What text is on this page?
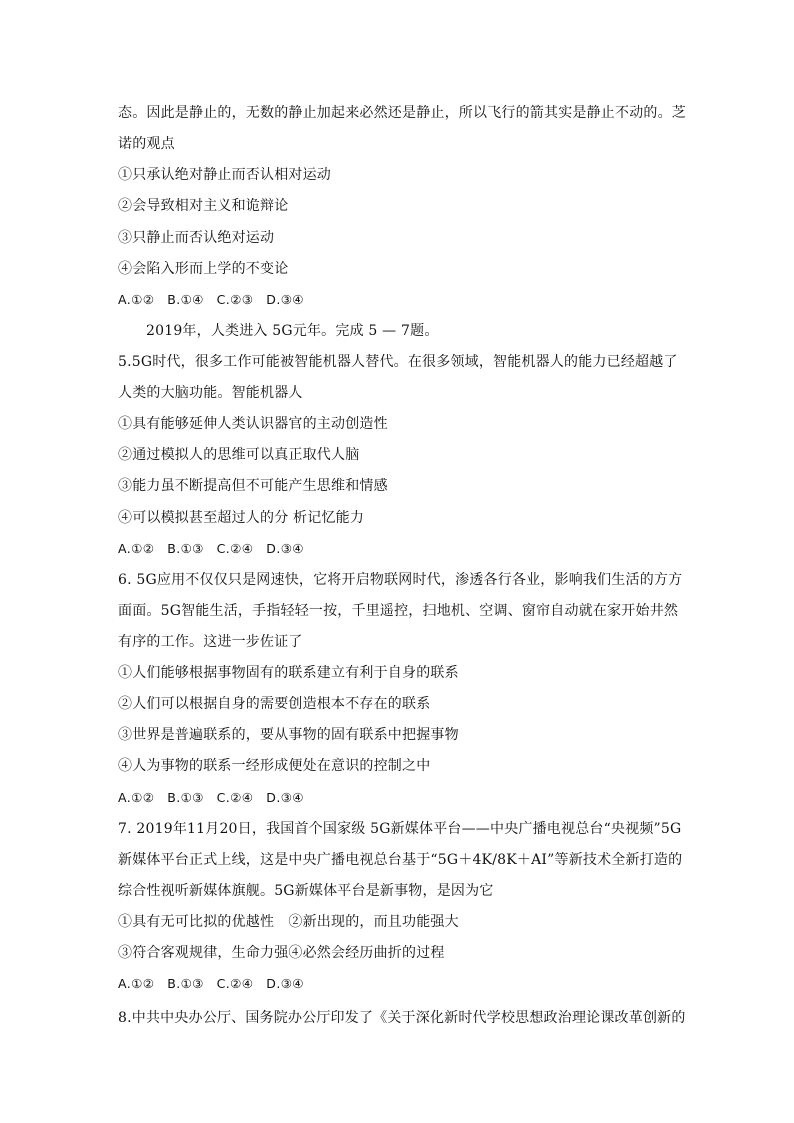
态。因此是静止的，无数的静止加起来必然还是静止，所以飞行的箭其实是静止不动的。芝
诺的观点
①只承认绝对静止而否认相对运动
②会导致相对主义和诡辩论
③只静止而否认绝对运动
④会陷入形而上学的不变论
A.①②　B.①④　C.②③　D.③④
2019年，人类进入 5G元年。完成 5 — 7题。
5.5G时代，很多工作可能被智能机器人替代。在很多领域，智能机器人的能力已经超越了
人类的大脑功能。智能机器人
①具有能够延伸人类认识器官的主动创造性
②通过模拟人的思维可以真正取代人脑
③能力虽不断提高但不可能产生思维和情感
④可以模拟甚至超过人的分 析记忆能力
A.①②　B.①③　C.②④　D.③④
6. 5G应用不仅仅只是网速快，它将开启物联网时代，渗透各行各业，影响我们生活的方方
面面。5G智能生活，手指轻轻一按，千里遥控，扫地机、空调、窗帘自动就在家开始井然
有序的工作。这进一步佐证了
①人们能够根据事物固有的联系建立有利于自身的联系
②人们可以根据自身的需要创造根本不存在的联系
③世界是普遍联系的，要从事物的固有联系中把握事物
④人为事物的联系一经形成便处在意识的控制之中
A.①②　B.①③　C.②④　D.③④
7. 2019年11月20日，我国首个国家级 5G新媒体平台——中央广播电视总台“央视频”5G
新媒体平台正式上线，这是中央广播电视总台基于“5G＋4K/8K＋AI”等新技术全新打造的
综合性视听新媒体旗舰。5G新媒体平台是新事物，是因为它
①具有无可比拟的优越性　②新出现的，而且功能强大
③符合客观规律，生命力强④必然会经历曲折的过程
A.①②　B.①③　C.②④　D.③④
8.中共中央办公厅、国务院办公厅印发了《关于深化新时代学校思想政治理论课改革创新的
